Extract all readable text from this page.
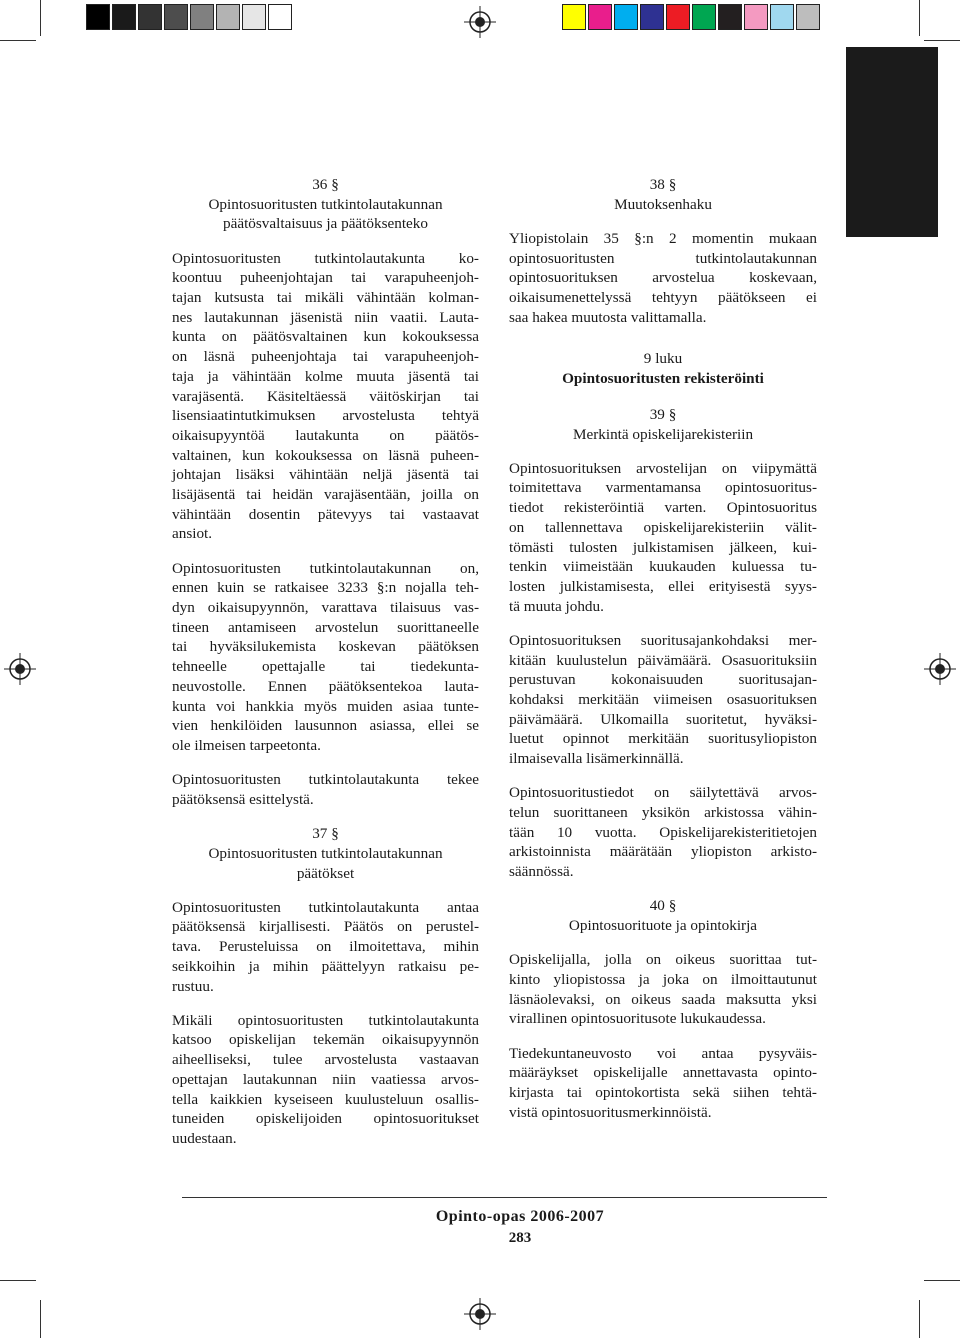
36 §
Opintosuoritusten tutkintolautakunnan
päätösvaltaisuus ja päätöksenteko

Opintosuoritusten tutkintolautakunta ko-
koontuu puheenjohtajan tai varapuheenjoh-
tajan kutsusta tai mikäli vähintään kolman-
nes lautakunnan jäsenistä niin vaatii. Lauta-
kunta on päätösvaltainen kun kokouksessa
on läsnä puheenjohtaja tai varapuheenjoh-
taja ja vähintään kolme muuta jäsentä tai
varajäsentä. Käsiteltäessä väitöskirjan tai
lisensiaatintutkimuksen arvostelusta tehtyä
oikaisupyyntöä lautakunta on päätös-
valtainen, kun kokouksessa on läsnä puheen-
johtajan lisäksi vähintään neljä jäsentä tai
lisäjäsentä tai heidän varajäsentään, joilla on
vähintään dosentin pätevyys tai vastaavat
ansiot.

Opintosuoritusten tutkintolautakunnan on,
ennen kuin se ratkaisee 3233 §:n nojalla teh-
dyn oikaisupyynnön, varattava tilaisuus vas-
tineen antamiseen arvostelun suorittaneelle
tai hyväksilukemista koskevan päätöksen
tehneelle opettajalle tai tiedekunta-
neuvostolle. Ennen päätöksentekoa lauta-
kunta voi hankkia myös muiden asiaa tunte-
vien henkilöiden lausunnon asiassa, ellei se
ole ilmeisen tarpeetonta.

Opintosuoritusten tutkintolautakunta tekee
päätöksensä esittelystä.

37 §
Opintosuoritusten tutkintolautakunnan
päätökset

Opintosuoritusten tutkintolautakunta antaa
päätöksensä kirjallisesti. Päätös on perustel-
tava. Perusteluissa on ilmoitettava, mihin
seikkoihin ja mihin päättelyyn ratkaisu pe-
rustuu.

Mikäli opintosuoritusten tutkintolautakunta
katsoo opiskelijan tekemän oikaisupyynnön
aiheelliseksi, tulee arvostelusta vastaavan
opettajan lautakunnan niin vaatiessa arvos-
tella kaikkien kyseiseen kuulusteluun osallis-
tuneiden opiskelijoiden opintosuoritukset
uudestaan.

38 §
Muutoksenhaku

Yliopistolain 35 §:n 2 momentin mukaan
opintosuoritusten tutkintolautakunnan
opintosuorituksen arvostelua koskevaan,
oikaisumenettelyssä tehtyyn päätökseen ei
saa hakea muutosta valittamalla.

9 luku
Opintosuoritusten rekisteröinti
39 §
Merkintä opiskelijarekisteriin

Opintosuorituksen arvostelijan on viipymättä
toimitettava varmentamansa opintosuoritus-
tiedot rekisteröintiä varten. Opintosuoritus
on tallennettava opiskelijarekisteriin välit-
tömästi tulosten julkistamisen jälkeen, kui-
tenkin viimeistään kuukauden kuluessa tu-
losten julkistamisesta, ellei erityisestä syys-
tä muuta johdu.

Opintosuorituksen suoritusajankohdaksi mer-
kitään kuulustelun päivämäärä. Osasuorituksiin
perustuvan kokonaisuuden suoritusajan-
kohdaksi merkitään viimeisen osasuorituksen
päivämäärä. Ulkomailla suoritetut, hyväksi-
luetut opinnot merkitään suoritusyliopiston
ilmaisevalla lisämerkinnällä.

Opintosuoritustiedot on säilytettävä arvos-
telun suorittaneen yksikön arkistossa vähin-
tään 10 vuotta. Opiskelijarekisteritietojen
arkistoinnista määrätään yliopiston arkisto-
säännössä.

40 §
Opintosuorituote ja opintokirja

Opiskelijalla, jolla on oikeus suorittaa tut-
kinto yliopistossa ja joka on ilmoittautunut
läsnäolevaksi, on oikeus saada maksutta yksi
virallinen opintosuoritusote lukukaudessa.

Tiedekuntaneuvosto voi antaa pysyväis-
määräykset opiskelijalle annettavasta opinto-
kirjasta tai opintokortista sekä siihen tehtä-
vistä opintosuoritusmerkinnöistä.

Opinto-opas 2006-2007
283
